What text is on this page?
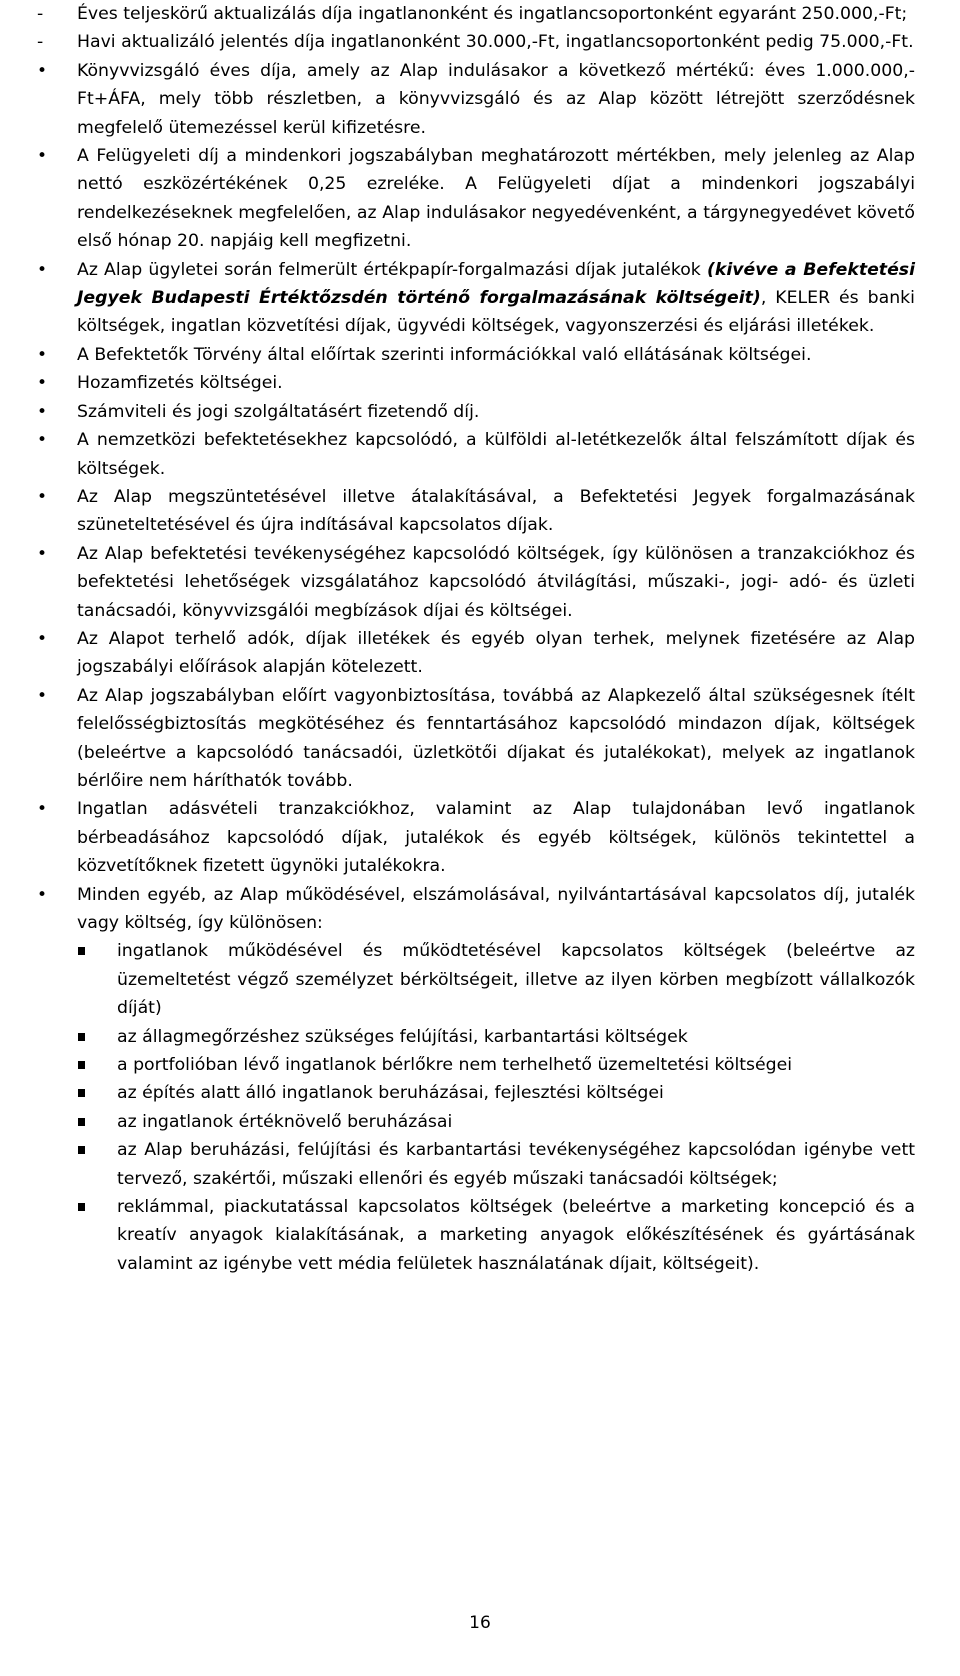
-	Éves teljeskörű aktualizálás díja ingatlanonként és ingatlancsoportonként egyaránt 250.000,-Ft;
-	Havi aktualizáló jelentés díja ingatlanonként 30.000,-Ft, ingatlancsoportonként pedig 75.000,-Ft.
•	Könyvvizsgáló éves díja, amely az Alap indulásakor a következő mértékű: éves 1.000.000,-Ft+ÁFA, mely több részletben, a könyvvizsgáló és az Alap között létrejött szerződésnek megfelelő ütemezéssel kerül kifizetésre.
•	A Felügyeleti díj a mindenkori jogszabályban meghatározott mértékben, mely jelenleg az Alap nettó eszközértékének 0,25 ezreléke. A Felügyeleti díjat a mindenkori jogszabályi rendelkezéseknek megfelelően, az Alap indulásakor negyedévenként, a tárgynegyedévet követő első hónap 20. napjáig kell megfizetni.
•	Az Alap ügyletei során felmerült értékpapír-forgalmazási díjak jutalékok (kivéve a Befektetési Jegyek Budapesti Értéktőzsdén történő forgalmazásának költségeit), KELER és banki költségek, ingatlan közvetítési díjak, ügyvédi költségek, vagyonszerzési és eljárási illetékek.
•	A Befektetők Törvény által előírtak szerinti információkkal való ellátásának költségei.
•	Hozamfizetés költségei.
•	Számviteli és jogi szolgáltatásért fizetendő díj.
•	A nemzetközi befektetésekhez kapcsolódó, a külföldi al-letétkezelők által felszámított díjak és költségek.
•	Az Alap megszüntetésével illetve átalakításával, a Befektetési Jegyek forgalmazásának szüneteltetésével és újra indításával kapcsolatos díjak.
•	Az Alap befektetési tevékenységéhez kapcsolódó költségek, így különösen a tranzakciókhoz és befektetési lehetőségek vizsgálatához kapcsolódó átvilágítási, műszaki-, jogi- adó- és üzleti tanácsadói, könyvvizsgálói megbízások díjai és költségei.
•	Az Alapot terhelő adók, díjak illetékek és egyéb olyan terhek, melynek fizetésére az Alap jogszabályi előírások alapján kötelezett.
•	Az Alap jogszabályban előírt vagyonbiztosítása, továbbá az Alapkezelő által szükségesnek ítélt felelősségbiztosítás megkötéséhez és fenntartásához kapcsolódó mindazon díjak, költségek (beleértve a kapcsolódó tanácsadói, üzletkötői díjakat és jutalékokat), melyek az ingatlanok bérlőire nem háríthatók tovább.
•	Ingatlan adásvételi tranzakciókhoz, valamint az Alap tulajdonában levő ingatlanok bérbeadásához kapcsolódó díjak, jutalékok és egyéb költségek, különös tekintettel a közvetítőknek fizetett ügynöki jutalékokra.
•	Minden egyéb, az Alap működésével, elszámolásával, nyilvántartásával kapcsolatos díj, jutalék vagy költség, így különösen:
ingatlanok működésével és működtetésével kapcsolatos költségek (beleértve az üzemeltetést végző személyzet bérköltségeit, illetve az ilyen körben megbízott vállalkozók díját)
az állagmegőrzéshez szükséges felújítási, karbantartási költségek
a portfolióban lévő ingatlanok bérlőkre nem terhelhető üzemeltetési költségei
az építés alatt álló ingatlanok beruházásai, fejlesztési költségei
az ingatlanok értéknövelő beruházásai
az Alap beruházási, felújítási és karbantartási tevékenységéhez kapcsolódan igénybe vett tervező, szakértői, műszaki ellenőri és egyéb műszaki tanácsadói költségek;
reklámmal, piackutatással kapcsolatos költségek (beleértve a marketing koncepció és a kreatív anyagok kialakításának, a marketing anyagok előkészítésének és gyártásának valamint az igénybe vett média felületek használatának díjait, költségeit).
16
